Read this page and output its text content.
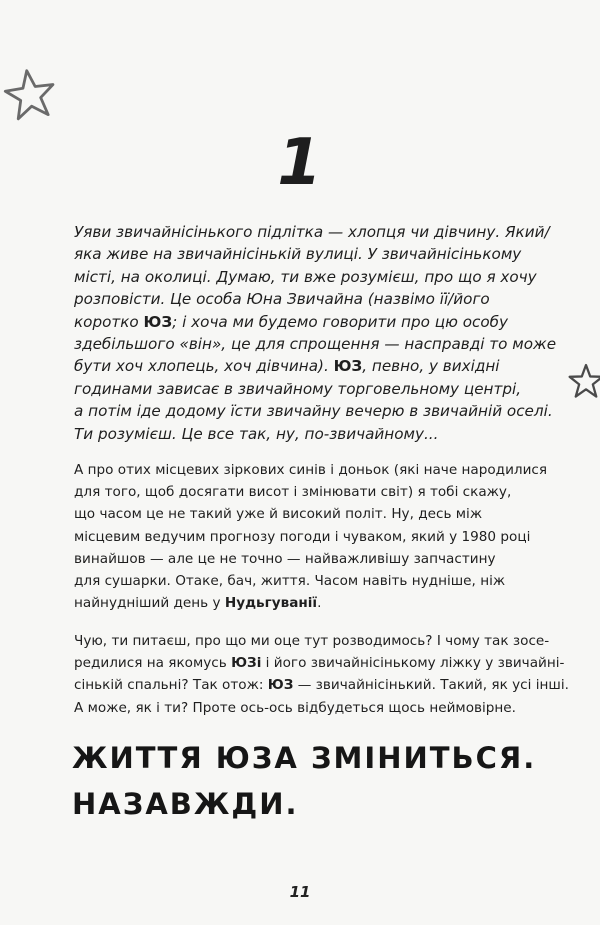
1
Уяви звичайнісінького підлітка — хлопця чи дівчину. Який/
яка живе на звичайнісінькій вулиці. У звичайнісінькому
місті, на околиці. Думаю, ти вже розумієш, про що я хочу
розповісти. Це особа Юна Звичайна (назвімо її/його
коротко ЮЗ; і хоча ми будемо говорити про цю особу
здебільшого «він», це для спрощення — насправді то може
бути хоч хлопець, хоч дівчина). ЮЗ, певно, у вихідні
годинами зависає в звичайному торговельному центрі,
а потім іде додому їсти звичайну вечерю в звичайній оселі.
Ти розумієш. Це все так, ну, по-звичайному...
А про отих місцевих зіркових синів і доньок (які наче народилися
для того, щоб досягати висот і змінювати світ) я тобі скажу,
що часом це не такий уже й високий політ. Ну, десь між
місцевим ведучим прогнозу погоди і чуваком, який у 1980 році
винайшов — але це не точно — найважливішу запчастину
для сушарки. Отаке, бач, життя. Часом навіть нудніше, ніж
найнудніший день у Нудьгуванії.
Чую, ти питаєш, про що ми оце тут розводимось? І чому так зосе-
редилися на якомусь ЮЗі і його звичайнісінькому ліжку у звичайні-
сінькій спальні? Так отож: ЮЗ — звичайнісінький. Такий, як усі інші.
А може, як і ти? Проте ось-ось відбудеться щось неймовірне.
ЖИТТЯ ЮЗА ЗМІНИТЬСЯ.
НАЗАВЖДИ.
11
